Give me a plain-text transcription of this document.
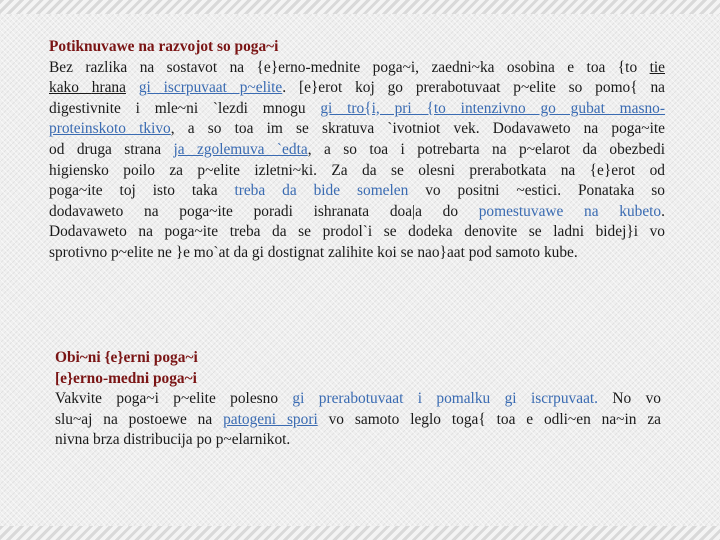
Potiknuvawe na razvojot so poga~i
Bez razlika na sostavot na {e}erno-mednite poga~i, zaedni~ka osobina e toa {to tie
kako hrana gi iscrpuvaat p~elite. [e}erot koj go prerabotuvaat p~elite so pomo{ na
digestivnite i mle~ni `lezdi mnogu gi tro{i, pri {to intenzivno go gubat masno-
proteinskoto tkivo, a so toa im se skratuva `ivotniot vek. Dodavaweto na poga~ite
od druga strana ja zgolemuva `edta, a so toa i potrebarta na p~elarot da obezbedi
higiensko poilo za p~elite izletni~ki. Za da se olesni prerabotkata na {e}erot od
poga~ite toj isto taka treba da bide somelen vo positni ~estici. Ponataka so
dodavaweto na poga~ite poradi ishranata doa|a do pomestuvawe na kubeto.
Dodavaweto na poga~ite treba da se prodol`i se dodeka denovite se ladni bidej}i vo
sprotivno p~elite ne }e mo`at da gi dostignat zalihite koi se nao}aat pod samoto kube.
Obi~ni {e}erni poga~i
[e}erno-medni poga~i
Vakvite poga~i p~elite polesno gi prerabotuvaat i pomalku gi iscrpuvaat. No vo
slu~aj na postoewe na patogeni spori vo samoto leglo toga{ toa e odli~en na~in za
nivna brza distribucija po p~elarnikot.
